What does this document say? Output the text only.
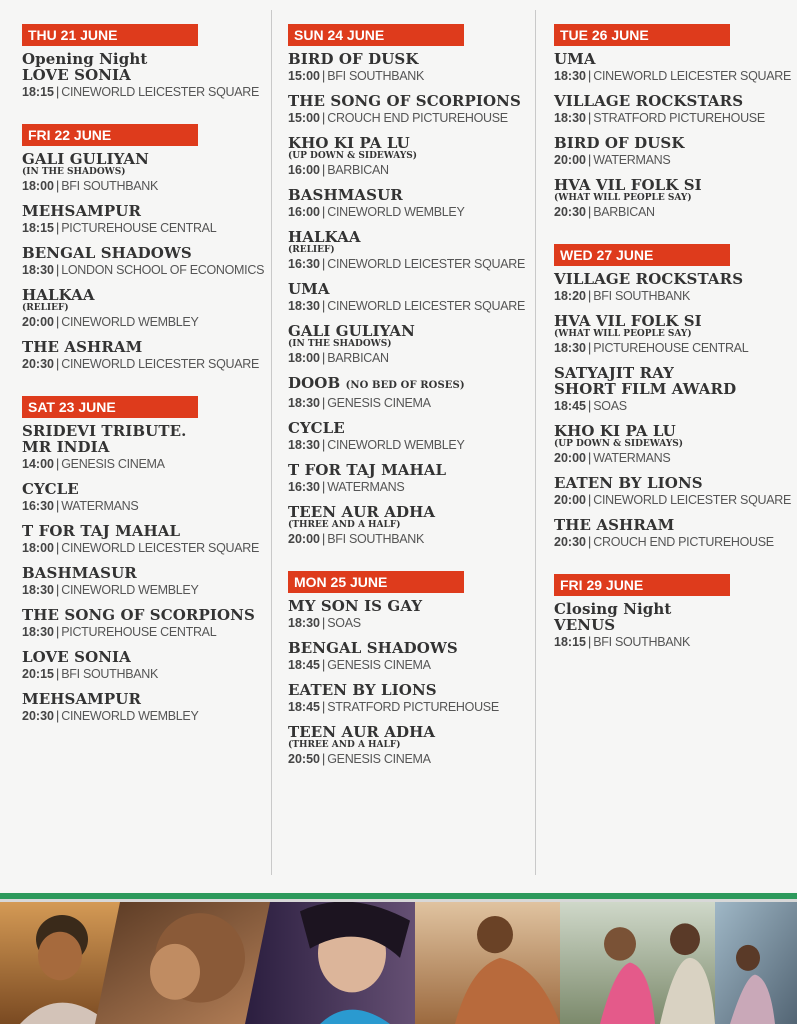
THU 21 JUNE
Opening Night
LOVE SONIA
18:15 | CINEWORLD LEICESTER SQUARE
FRI 22 JUNE
GALI GULIYAN
(IN THE SHADOWS)
18:00 | BFI SOUTHBANK
MEHSAMPUR
18:15 | PICTUREHOUSE CENTRAL
BENGAL SHADOWS
18:30 | LONDON SCHOOL OF ECONOMICS
HALKAA
(RELIEF)
20:00 | CINEWORLD WEMBLEY
THE ASHRAM
20:30 | CINEWORLD LEICESTER SQUARE
SAT 23 JUNE
SRIDEVI TRIBUTE.
MR INDIA
14:00 | GENESIS CINEMA
CYCLE
16:30 | WATERMANS
T FOR TAJ MAHAL
18:00 | CINEWORLD LEICESTER SQUARE
BASHMASUR
18:30 | CINEWORLD WEMBLEY
THE SONG OF SCORPIONS
18:30 | PICTUREHOUSE CENTRAL
LOVE SONIA
20:15 | BFI SOUTHBANK
MEHSAMPUR
20:30 | CINEWORLD WEMBLEY
SUN 24 JUNE
BIRD OF DUSK
15:00 | BFI SOUTHBANK
THE SONG OF SCORPIONS
15:00 | CROUCH END PICTUREHOUSE
KHO KI PA LU
(UP DOWN & SIDEWAYS)
16:00 | BARBICAN
BASHMASUR
16:00 | CINEWORLD WEMBLEY
HALKAA
(RELIEF)
16:30 | CINEWORLD LEICESTER SQUARE
UMA
18:30 | CINEWORLD LEICESTER SQUARE
GALI GULIYAN
(IN THE SHADOWS)
18:00 | BARBICAN
DOOB (NO BED OF ROSES)
18:30 | GENESIS CINEMA
CYCLE
18:30 | CINEWORLD WEMBLEY
T FOR TAJ MAHAL
16:30 | WATERMANS
TEEN AUR ADHA
(THREE AND A HALF)
20:00 | BFI SOUTHBANK
MON 25 JUNE
MY SON IS GAY
18:30 | SOAS
BENGAL SHADOWS
18:45 | GENESIS CINEMA
EATEN BY LIONS
18:45 | STRATFORD PICTUREHOUSE
TEEN AUR ADHA
(THREE AND A HALF)
20:50 | GENESIS CINEMA
TUE 26 JUNE
UMA
18:30 | CINEWORLD LEICESTER SQUARE
VILLAGE ROCKSTARS
18:30 | STRATFORD PICTUREHOUSE
BIRD OF DUSK
20:00 | WATERMANS
HVA VIL FOLK SI
(WHAT WILL PEOPLE SAY)
20:30 | BARBICAN
WED 27 JUNE
VILLAGE ROCKSTARS
18:20 | BFI SOUTHBANK
HVA VIL FOLK SI
(WHAT WILL PEOPLE SAY)
18:30 | PICTUREHOUSE CENTRAL
SATYAJIT RAY
SHORT FILM AWARD
18:45 | SOAS
KHO KI PA LU
(UP DOWN & SIDEWAYS)
20:00 | WATERMANS
EATEN BY LIONS
20:00 | CINEWORLD LEICESTER SQUARE
THE ASHRAM
20:30 | CROUCH END PICTUREHOUSE
FRI 29 JUNE
Closing Night
VENUS
18:15 | BFI SOUTHBANK
